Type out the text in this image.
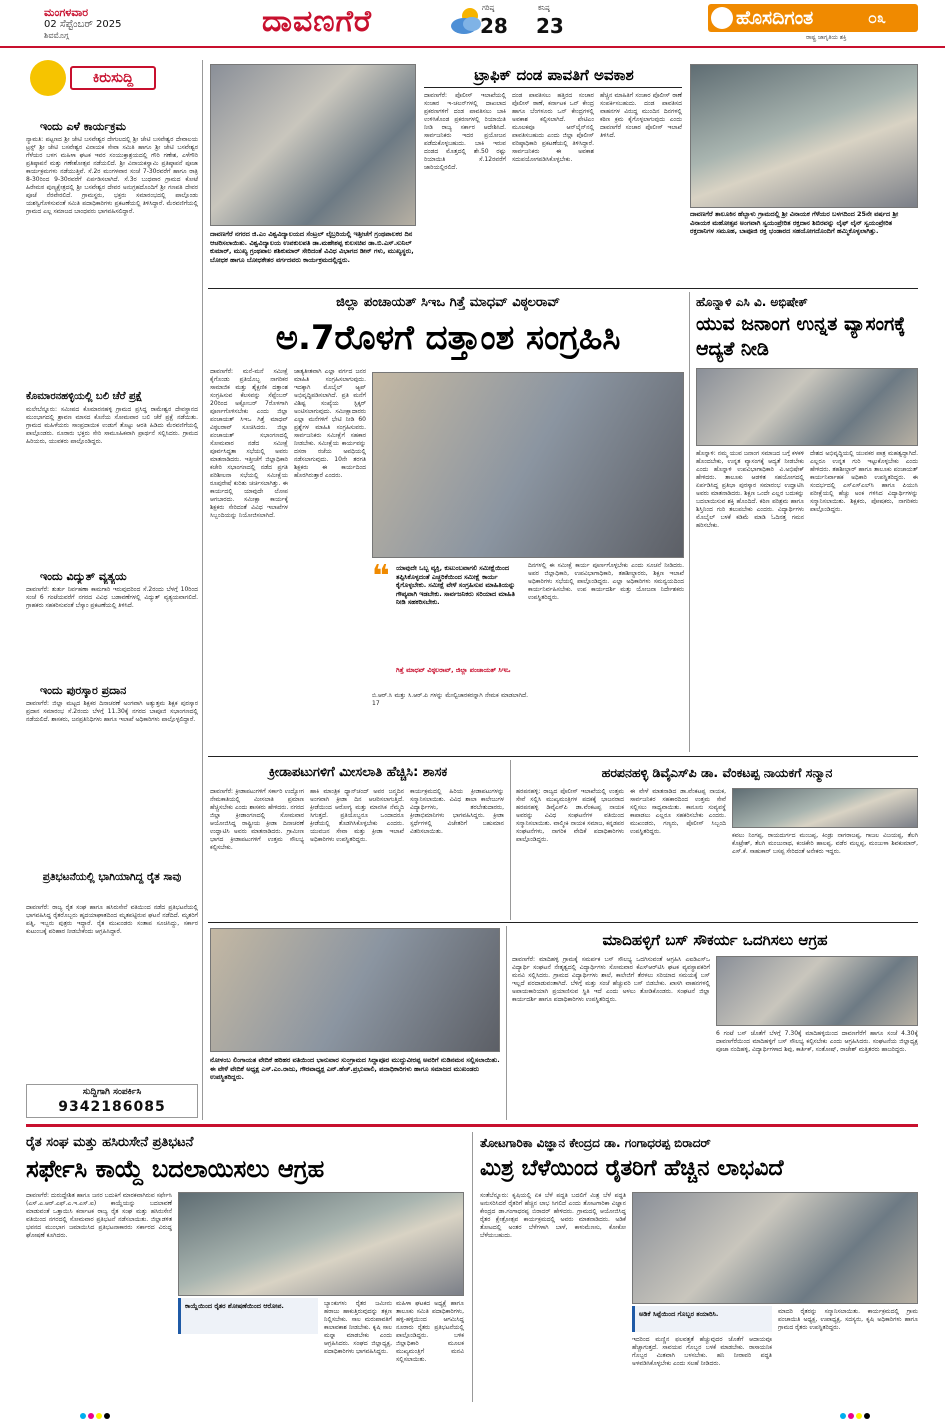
ಮಂಗಳವಾರ
02 ಸೆಪ್ಟೆಂಬರ್ 2025
ಶಿವಮೊಗ್ಗ	ದಾವಣಗೆರೆ	ಗರಿಷ್ಠ
28
ಕನಿಷ್ಠ
23	ಹೊಸದಿಗಂತ
ರಾಷ್ಟ್ರ ಜಾಗೃತಿಯ ಶಕ್ತಿ
೦೩
ಕಿರುಸುದ್ದಿ
ಇಂದು ಎಳೆ ಕಾರ್ಯಕ್ರಮ
ನ್ಯಾಮತಿ: ಪಟ್ಟಣದ ಶ್ರೀ ಜೇಟಿ ಬಸವೇಶ್ವರ ದೇಗುಲದಲ್ಲಿ ಶ್ರೀ ಜೇಟಿ ಬಸವೇಶ್ವರ ದೇವಾಲಯ ಟ್ರಸ್ಟ್ ಶ್ರೀ ಜೇಟಿ ಬಸವೇಶ್ವರ ವಿನಾಯಕ ಸೇವಾ ಸಮಿತಿ ಹಾಗೂ ಶ್ರೀ ಜೇಟಿ ಬಸವೇಶ್ವರ ಗೆಳೆಯರ ಬಳಗ ಮಹಿಳಾ ಘಟಕ ಇವರ ಸಂಯುಕ್ತಾಶ್ರಯದಲ್ಲಿ ಗೌರಿ ಗಣೇಶ, ಎಳೆಗೌರಿ ಪ್ರತಿಷ್ಠಾಪನೆ ಮತ್ತು ಗಣೇಶೋತ್ಸವ ನಡೆಯಲಿದೆ. ಶ್ರೀ ವಿನಾಯಕಸ್ವಾಮಿ ಪ್ರತಿಷ್ಠಾಪನೆ ಪೂಜಾ ಕಾರ್ಯಕ್ರಮಗಳು ನಡೆಯುತ್ತಿವೆ. ಸೆ.2ರ ಮಂಗಳವಾರ ಸಂಜೆ 7-30ರವರೆಗೆ ಹಾಗೂ ರಾತ್ರಿ 8-30ರಿಂದ 9-30ರವರೆಗೆ ಏರ್ಪಡಿಸಲಾಗಿದೆ. ಸೆ.3ರ ಬುಧವಾರ ಗ್ರಾಮದ ಕೋಟೆ ಹಿರೇಮಠ ಪುಣ್ಯಕ್ಷೇತ್ರದಲ್ಲಿ ಶ್ರೀ ಬಸವೇಶ್ವರ ದೇವರ ಅನುಗ್ರಹದೊಂದಿಗೆ ಶ್ರೀ ಗಣಪತಿ ದೇವರ ಪೂಜೆ ನೆರವೇರಲಿದೆ. ಗ್ರಾಮಸ್ಥರು, ಭಕ್ತರು ಸಮಾರಂಭದಲ್ಲಿ ಪಾಲ್ಗೊಂಡು ಯಶಸ್ವಿಗೊಳಿಸುವಂತೆ ಸಮಿತಿ ಪದಾಧಿಕಾರಿಗಳು ಪ್ರಕಟಣೆಯಲ್ಲಿ ತಿಳಿಸಿದ್ದಾರೆ. ಮೆರವಣಿಗೆಯಲ್ಲಿ ಗ್ರಾಮದ ಎಲ್ಲ ಸಮಾಜದ ಬಾಂಧವರು ಭಾಗವಹಿಸಲಿದ್ದಾರೆ.
ಕೊಮಾರನಹಳ್ಳಿಯಲ್ಲಿ ಬಲಿ ಚೆರೆ ಪ್ರಕ್ಷೆ
ಮಲೇಬೆನ್ನೂರು: ಸಮೀಪದ ಕೊಮಾರನಹಳ್ಳಿ ಗ್ರಾಮದ ಪ್ರಸಿದ್ಧ ರಾಮೇಶ್ವರ ದೇವಸ್ಥಾನದ ಮುಂಭಾಗದಲ್ಲಿ ಶ್ರಾವಣ ಮಾಸದ ಕೊನೆಯ ಸೋಮವಾರ ಬಲಿ ಚೆರೆ ಪ್ರಕ್ಷೆ ನಡೆಯಿತು. ಗ್ರಾಮದ ಮಹಿಳೆಯರು ಸಾಂಪ್ರದಾಯಿಕ ಉಡುಗೆ ತೊಟ್ಟು ಆರತಿ ಹಿಡಿದು ಮೆರವಣಿಗೆಯಲ್ಲಿ ಪಾಲ್ಗೊಂಡರು. ನೂರಾರು ಭಕ್ತರು ಸೇರಿ ಸಾಮೂಹಿಕವಾಗಿ ಪ್ರಾರ್ಥನೆ ಸಲ್ಲಿಸಿದರು. ಗ್ರಾಮದ ಹಿರಿಯರು, ಯುವಕರು ಪಾಲ್ಗೊಂಡಿದ್ದರು.
ಇಂದು ವಿದ್ಯುತ್ ವ್ಯತ್ಯಯ
ದಾವಣಗೆರೆ: ತುರ್ತು ನಿರ್ವಹಣಾ ಕಾಮಗಾರಿ ಇರುವುದರಿಂದ ಸೆ.2ರಂದು ಬೆಳಗ್ಗೆ 10ರಿಂದ ಸಂಜೆ 6 ಗಂಟೆಯವರೆಗೆ ನಗರದ ವಿವಿಧ ಬಡಾವಣೆಗಳಲ್ಲಿ ವಿದ್ಯುತ್ ವ್ಯತ್ಯಯವಾಗಲಿದೆ. ಗ್ರಾಹಕರು ಸಹಕರಿಸುವಂತೆ ಬೆಸ್ಕಾಂ ಪ್ರಕಟಣೆಯಲ್ಲಿ ತಿಳಿಸಿದೆ.
ಇಂದು ಪುರಸ್ಕಾರ ಪ್ರದಾನ
ದಾವಣಗೆರೆ: ಜಿಲ್ಲಾ ಮಟ್ಟದ ಶಿಕ್ಷಕರ ದಿನಾಚರಣೆ ಅಂಗವಾಗಿ ಅತ್ಯುತ್ತಮ ಶಿಕ್ಷಕ ಪುರಸ್ಕಾರ ಪ್ರದಾನ ಸಮಾರಂಭ ಸೆ.2ರಂದು ಬೆಳಗ್ಗೆ 11.30ಕ್ಕೆ ನಗರದ ಬಾಪೂಜಿ ಸಭಾಂಗಣದಲ್ಲಿ ನಡೆಯಲಿದೆ. ಶಾಸಕರು, ಜನಪ್ರತಿನಿಧಿಗಳು ಹಾಗೂ ಇಲಾಖೆ ಅಧಿಕಾರಿಗಳು ಪಾಲ್ಗೊಳ್ಳಲಿದ್ದಾರೆ.
ಪ್ರತಿಭಟನೆಯಲ್ಲಿ ಭಾಗಿಯಾಗಿದ್ದ ರೈತ ಸಾವು
ದಾವಣಗೆರೆ: ರಾಜ್ಯ ರೈತ ಸಂಘ ಹಾಗೂ ಹಸಿರುಸೇನೆ ವತಿಯಿಂದ ನಡೆದ ಪ್ರತಿಭಟನೆಯಲ್ಲಿ ಭಾಗವಹಿಸಿದ್ದ ರೈತರೊಬ್ಬರು ಹೃದಯಾಘಾತದಿಂದ ಮೃತಪಟ್ಟಿರುವ ಘಟನೆ ನಡೆದಿದೆ. ಮೃತರಿಗೆ ಪತ್ನಿ, ಇಬ್ಬರು ಪುತ್ರರು ಇದ್ದಾರೆ. ರೈತ ಮುಖಂಡರು ಸಂತಾಪ ಸೂಚಿಸಿದ್ದು, ಸರ್ಕಾರ ಕುಟುಂಬಕ್ಕೆ ಪರಿಹಾರ ನೀಡಬೇಕೆಂದು ಆಗ್ರಹಿಸಿದ್ದಾರೆ.
ಸುದ್ದಿಗಾಗಿ ಸಂಪರ್ಕಿಸಿ
9342186085
ದಾವಣಗೆರೆ ನಗರದ ಜಿ.ಎಂ ವಿಶ್ವವಿದ್ಯಾಲಯದ ಸೆಂಟ್ರಲ್ ಲೈಬ್ರರಿಯಲ್ಲಿ ಇತ್ತೀಚೆಗೆ ಗ್ರಂಥಪಾಲಕರ ದಿನ ಆಚರಿಸಲಾಯಿತು. ವಿಶ್ವವಿದ್ಯಾಲಯ ಉಪಕುಲಪತಿ ಡಾ.ಮಹೇಶಪ್ಪ ಕುಲಸಚಿವ ಡಾ.ಬಿ.ಎಸ್.ಸುನಿಲ್ ಕುಮಾರ್, ಮುಖ್ಯ ಗ್ರಂಥಪಾಲ ಶಶಿಕುಮಾರ್ ಸೇರಿದಂತೆ ವಿವಿಧ ವಿಭಾಗದ ಡೀನ್ ಗಳು, ಮುಖ್ಯಸ್ಥರು, ಬೋಧಕ ಹಾಗೂ ಬೋಧಕೇತರ ವರ್ಗದವರು ಕಾರ್ಯಕ್ರಮದಲ್ಲಿದ್ದರು.
ಟ್ರಾಫಿಕ್ ದಂಡ ಪಾವತಿಗೆ ಅವಕಾಶ
ದಾವಣಗೆರೆ: ಪೊಲೀಸ್ ಇಲಾಖೆಯಲ್ಲಿ ಸಂಚಾರ ಇ-ಚಲನ್‌ಗಳಲ್ಲಿ ದಾಖಲಾದ ಪ್ರಕರಣಗಳಿಗೆ ದಂಡ ಪಾವತಿಸಲು ಬಾಕಿ ಉಳಿಸಿಕೊಂಡ ಪ್ರಕರಣಗಳಲ್ಲಿ ರಿಯಾಯಿತಿ ನೀಡಿ ರಾಜ್ಯ ಸರ್ಕಾರ ಆದೇಶಿಸಿದೆ. ಸಾರ್ವಜನಿಕರು ಇದರ ಪ್ರಯೋಜನ ಪಡೆದುಕೊಳ್ಳಬಹುದು. ಬಾಕಿ ಇರುವ ದಂಡದ ಮೊತ್ತದಲ್ಲಿ ಶೇ.50 ರಷ್ಟು ರಿಯಾಯಿತಿ ಸೆ.12ರವರೆಗೆ ಜಾರಿಯಲ್ಲಿರಲಿದೆ.
ದಂಡ ಪಾವತಿಸಲು ಹತ್ತಿರದ ಸಂಚಾರ ಪೊಲೀಸ್ ಠಾಣೆ, ಕರ್ನಾಟಕ ಒನ್ ಕೇಂದ್ರ ಹಾಗೂ ಬೆಂಗಳೂರು ಒನ್ ಕೇಂದ್ರಗಳಲ್ಲಿ ಅವಕಾಶ ಕಲ್ಪಿಸಲಾಗಿದೆ. ಪೇಟಿಎಂ ಮೂಲಕವೂ ಆನ್‌ಲೈನ್‌ನಲ್ಲಿ ಪಾವತಿಸಬಹುದು ಎಂದು ಜಿಲ್ಲಾ ಪೊಲೀಸ್ ವರಿಷ್ಠಾಧಿಕಾರಿ ಪ್ರಕಟಣೆಯಲ್ಲಿ ತಿಳಿಸಿದ್ದಾರೆ. ಸಾರ್ವಜನಿಕರು ಈ ಅವಕಾಶ ಸದುಪಯೋಗಪಡಿಸಿಕೊಳ್ಳಬೇಕು.
ಹೆಚ್ಚಿನ ಮಾಹಿತಿಗೆ ಸಂಚಾರ ಪೊಲೀಸ್ ಠಾಣೆ ಸಂಪರ್ಕಿಸಬಹುದು. ದಂಡ ಪಾವತಿಸದ ವಾಹನಗಳ ವಿರುದ್ಧ ಮುಂದಿನ ದಿನಗಳಲ್ಲಿ ಕಠಿಣ ಕ್ರಮ ಕೈಗೊಳ್ಳಲಾಗುವುದು ಎಂದು ದಾವಣಗೆರೆ ಸಂಚಾರ ಪೊಲೀಸ್ ಇಲಾಖೆ ತಿಳಿಸಿದೆ.
ದಾವಣಗೆರೆ ತಾಲೂಕಿನ ಹೆಬ್ಬಾಳು ಗ್ರಾಮದಲ್ಲಿ ಶ್ರೀ ವಿನಾಯಕ ಗೆಳೆಯರ ಬಳಗದಿಂದ 25ನೇ ವರ್ಷದ ಶ್ರೀ ವಿನಾಯಕ ಮಹೋತ್ಸವ ಅಂಗವಾಗಿ ಸ್ವಯಂಪ್ರೇರಿತ ರಕ್ತದಾನ ಶಿಬಿರವನ್ನು ಲೈಫ್ ಲೈನ್ ಸ್ವಯಂಪ್ರೇರಿತ ರಕ್ತದಾನಿಗಳ ಸಮೂಹ, ಬಾಪೂಜಿ ರಕ್ತ ಭಂಡಾರದ ಸಹಯೋಗದೊಂದಿಗೆ ಹಮ್ಮಿಕೊಳ್ಳಲಾಗಿತ್ತು.
ಜಿಲ್ಲಾ ಪಂಚಾಯತ್ ಸಿಇಒ ಗಿತ್ತೆ ಮಾಧವ್ ವಿಠ್ಠಲರಾವ್
ಅ.7ರೊಳಗೆ ದತ್ತಾಂಶ ಸಂಗ್ರಹಿಸಿ
ದಾವಣಗೆರೆ: ಮನೆ-ಮನೆ ಸಮೀಕ್ಷೆ ಕೈಗೊಂಡು ಪ್ರತಿಯೊಬ್ಬ ನಾಗರಿಕರ ಸಾಮಾಜಿಕ ಮತ್ತು ಶೈಕ್ಷಣಿಕ ದತ್ತಾಂಶ ಸಂಗ್ರಹಿಸುವ ಕೆಲಸವನ್ನು ಸೆಪ್ಟೆಂಬರ್ 20ರಿಂದ ಅಕ್ಟೋಬರ್ 7ರೊಳಗಾಗಿ ಪೂರ್ಣಗೊಳಿಸಬೇಕು ಎಂದು ಜಿಲ್ಲಾ ಪಂಚಾಯತ್ ಸಿಇಒ ಗಿತ್ತೆ ಮಾಧವ್ ವಿಠ್ಠಲರಾವ್ ಸೂಚಿಸಿದರು. ಜಿಲ್ಲಾ ಪಂಚಾಯತ್ ಸಭಾಂಗಣದಲ್ಲಿ ಸೋಮವಾರ ನಡೆದ ಸಮೀಕ್ಷೆ ಪೂರ್ವಸಿದ್ಧತಾ ಸಭೆಯಲ್ಲಿ ಅವರು ಮಾತನಾಡಿದರು. ಇತ್ತೀಚೆಗೆ ಜಿಲ್ಲಾಧಿಕಾರಿ ಕಚೇರಿ ಸಭಾಂಗಣದಲ್ಲಿ ನಡೆದ ಪ್ರಗತಿ ಪರಿಶೀಲನಾ ಸಭೆಯಲ್ಲಿ ಸಮೀಕ್ಷೆಯ ರೂಪುರೇಷೆ ಕುರಿತು ಚರ್ಚಿಸಲಾಗಿತ್ತು. ಈ ಕಾರ್ಯದಲ್ಲಿ ಯಾವುದೇ ಲೋಪ ಆಗಬಾರದು. ಸಮೀಕ್ಷಾ ಕಾರ್ಯಕ್ಕೆ ಶಿಕ್ಷಕರು ಸೇರಿದಂತೆ ವಿವಿಧ ಇಲಾಖೆಗಳ ಸಿಬ್ಬಂದಿಯನ್ನು ನಿಯೋಜಿಸಲಾಗಿದೆ.
ಜಾತ್ಯತೀತವಾಗಿ ಎಲ್ಲಾ ವರ್ಗದ ಜನರ ಮಾಹಿತಿ ಸಂಗ್ರಹಿಸಲಾಗುವುದು. ಇದಕ್ಕಾಗಿ ಮೊಬೈಲ್ ಆ್ಯಪ್ ಅಭಿವೃದ್ಧಿಪಡಿಸಲಾಗಿದೆ. ಪ್ರತಿ ಮನೆಗೆ ವಿಶಿಷ್ಟ ಸಂಖ್ಯೆಯ ಸ್ಟಿಕ್ಕರ್ ಅಂಟಿಸಲಾಗುವುದು. ಸಮೀಕ್ಷಾದಾರರು ಎಲ್ಲಾ ಮನೆಗಳಿಗೆ ಭೇಟಿ ನೀಡಿ 60 ಪ್ರಶ್ನೆಗಳ ಮಾಹಿತಿ ಸಂಗ್ರಹಿಸುವರು. ಸಾರ್ವಜನಿಕರು ಸಮೀಕ್ಷೆಗೆ ಸಹಕಾರ ನೀಡಬೇಕು. ಸಮೀಕ್ಷೆಯ ಕಾರ್ಯವನ್ನು ದಸರಾ ರಜೆಯ ಅವಧಿಯಲ್ಲಿ ನಡೆಸಲಾಗುವುದು. 10ನೇ ತರಗತಿ ಶಿಕ್ಷಕರು ಈ ಕಾರ್ಯದಿಂದ ಹೊರಗಿರುತ್ತಾರೆ ಎಂದರು.
❝ ಯಾವುದೇ ಒಬ್ಬ ವ್ಯಕ್ತಿ, ಕುಟುಂಬವಾಗಲಿ ಸಮೀಕ್ಷೆಯಿಂದ ತಪ್ಪಿಸಿಕೊಳ್ಳದಂತೆ ಎಚ್ಚರಿಕೆಯಿಂದ ಸಮೀಕ್ಷೆ ಕಾರ್ಯ ಕೈಗೊಳ್ಳಬೇಕು. ಸಮೀಕ್ಷೆ ವೇಳೆ ಸಂಗ್ರಹಿಸುವ ಮಾಹಿತಿಯನ್ನು ಗೌಪ್ಯವಾಗಿ ಇಡಬೇಕು. ಸಾರ್ವಜನಿಕರು ಸರಿಯಾದ ಮಾಹಿತಿ ನೀಡಿ ಸಹಕರಿಸಬೇಕು.
ಗಿತ್ತೆ ಮಾಧವ್ ವಿಠ್ಠಲರಾವ್, ಜಿಲ್ಲಾ ಪಂಚಾಯತ್ ಸಿಇಒ
ದಿನಗಳಲ್ಲಿ ಈ ಸಮೀಕ್ಷೆ ಕಾರ್ಯ ಪೂರ್ಣಗೊಳ್ಳಬೇಕು ಎಂದು ಸೂಚನೆ ನೀಡಿದರು. ಅಪರ ಜಿಲ್ಲಾಧಿಕಾರಿ, ಉಪವಿಭಾಗಾಧಿಕಾರಿ, ತಹಶೀಲ್ದಾರರು, ಶಿಕ್ಷಣ ಇಲಾಖೆ ಅಧಿಕಾರಿಗಳು ಸಭೆಯಲ್ಲಿ ಪಾಲ್ಗೊಂಡಿದ್ದರು. ಎಲ್ಲಾ ಅಧಿಕಾರಿಗಳು ಸಮನ್ವಯದಿಂದ ಕಾರ್ಯನಿರ್ವಹಿಸಬೇಕು. ಉಪ ಕಾರ್ಯದರ್ಶಿ ಮತ್ತು ಯೋಜನಾ ನಿರ್ದೇಶಕರು ಉಪಸ್ಥಿತರಿದ್ದರು.
ಬಿ.ಆರ್.ಸಿ ಮತ್ತು ಸಿ.ಆರ್.ಪಿ ಗಳನ್ನು ಮೇಲ್ವಿಚಾರಕರನ್ನಾಗಿ ನೇಮಕ ಮಾಡಲಾಗಿದೆ. 17
ಹೊನ್ನಾಳಿ ಎಸಿ ವಿ. ಅಭಿಷೇಕ್
ಯುವ ಜನಾಂಗ ಉನ್ನತ ವ್ಯಾಸಂಗಕ್ಕೆ ಆದ್ಯತೆ ನೀಡಿ
ಹೊನ್ನಾಳಿ: ನಮ್ಮ ಯುವ ಜನಾಂಗ ಸಮಾಜದ ಬಗ್ಗೆ ಕಳಕಳಿ ಹೊಂದಬೇಕು, ಉನ್ನತ ವ್ಯಾಸಂಗಕ್ಕೆ ಆದ್ಯತೆ ನೀಡಬೇಕು ಎಂದು ಹೊನ್ನಾಳಿ ಉಪವಿಭಾಗಾಧಿಕಾರಿ ವಿ.ಅಭಿಷೇಕ್ ಹೇಳಿದರು. ತಾಲೂಕು ಆಡಳಿತ ಸಹಯೋಗದಲ್ಲಿ ಏರ್ಪಡಿಸಿದ್ದ ಪ್ರತಿಭಾ ಪುರಸ್ಕಾರ ಸಮಾರಂಭ ಉದ್ಘಾಟಿಸಿ ಅವರು ಮಾತನಾಡಿದರು. ಶಿಕ್ಷಣ ಒಂದೇ ಎಲ್ಲರ ಬದುಕನ್ನು ಬದಲಾಯಿಸುವ ಶಕ್ತಿ ಹೊಂದಿದೆ. ಕಠಿಣ ಪರಿಶ್ರಮ ಹಾಗೂ ಶಿಸ್ತಿನಿಂದ ಗುರಿ ತಲುಪಬೇಕು ಎಂದರು. ವಿದ್ಯಾರ್ಥಿಗಳು ಮೊಬೈಲ್ ಬಳಕೆ ಕಡಿಮೆ ಮಾಡಿ ಓದಿನತ್ತ ಗಮನ ಹರಿಸಬೇಕು.
ದೇಶದ ಅಭಿವೃದ್ಧಿಯಲ್ಲಿ ಯುವಕರ ಪಾತ್ರ ಮಹತ್ವದ್ದಾಗಿದೆ. ಎಲ್ಲರೂ ಉನ್ನತ ಗುರಿ ಇಟ್ಟುಕೊಳ್ಳಬೇಕು ಎಂದು ಹೇಳಿದರು. ತಹಶೀಲ್ದಾರ್ ಹಾಗೂ ತಾಲೂಕು ಪಂಚಾಯತ್ ಕಾರ್ಯನಿರ್ವಾಹಕ ಅಧಿಕಾರಿ ಉಪಸ್ಥಿತರಿದ್ದರು. ಈ ಸಂದರ್ಭದಲ್ಲಿ ಎಸ್ಎಸ್ಎಲ್‌ಸಿ ಹಾಗೂ ಪಿಯುಸಿ ಪರೀಕ್ಷೆಯಲ್ಲಿ ಹೆಚ್ಚು ಅಂಕ ಗಳಿಸಿದ ವಿದ್ಯಾರ್ಥಿಗಳನ್ನು ಸನ್ಮಾನಿಸಲಾಯಿತು. ಶಿಕ್ಷಕರು, ಪೋಷಕರು, ನಾಗರಿಕರು ಪಾಲ್ಗೊಂಡಿದ್ದರು.
ಕ್ರೀಡಾಪಟುಗಳಿಗೆ ಮೀಸಲಾತಿ ಹೆಚ್ಚಿಸಿ: ಶಾಸಕ
ದಾವಣಗೆರೆ: ಕ್ರೀಡಾಪಟುಗಳಿಗೆ ಸರ್ಕಾರಿ ಉದ್ಯೋಗ ನೇಮಕಾತಿಯಲ್ಲಿ ಮೀಸಲಾತಿ ಪ್ರಮಾಣ ಹೆಚ್ಚಿಸಬೇಕು ಎಂದು ಶಾಸಕರು ಹೇಳಿದರು. ನಗರದ ಜಿಲ್ಲಾ ಕ್ರೀಡಾಂಗಣದಲ್ಲಿ ಸೋಮವಾರ ಆಯೋಜಿಸಿದ್ದ ರಾಷ್ಟ್ರೀಯ ಕ್ರೀಡಾ ದಿನಾಚರಣೆ ಉದ್ಘಾಟಿಸಿ ಅವರು ಮಾತನಾಡಿದರು. ಗ್ರಾಮೀಣ ಭಾಗದ ಕ್ರೀಡಾಪಟುಗಳಿಗೆ ಉತ್ತಮ ಸೌಲಭ್ಯ ಕಲ್ಪಿಸಬೇಕು.
ಹಾಕಿ ಮಾಂತ್ರಿಕ ಧ್ಯಾನ್‌ಚಂದ್ ಅವರ ಜನ್ಮದಿನ ಅಂಗವಾಗಿ ಕ್ರೀಡಾ ದಿನ ಆಚರಿಸಲಾಗುತ್ತಿದೆ. ಕ್ರೀಡೆಯಿಂದ ಆರೋಗ್ಯ ಮತ್ತು ಮಾನಸಿಕ ನೆಮ್ಮದಿ ಸಿಗುತ್ತದೆ. ಪ್ರತಿಯೊಬ್ಬರೂ ಒಂದಾದರೂ ಕ್ರೀಡೆಯಲ್ಲಿ ತೊಡಗಿಸಿಕೊಳ್ಳಬೇಕು ಎಂದರು. ಯುವಜನ ಸೇವಾ ಮತ್ತು ಕ್ರೀಡಾ ಇಲಾಖೆ ಅಧಿಕಾರಿಗಳು ಉಪಸ್ಥಿತರಿದ್ದರು.
ಕಾರ್ಯಕ್ರಮದಲ್ಲಿ ಹಿರಿಯ ಕ್ರೀಡಾಪಟುಗಳನ್ನು ಸನ್ಮಾನಿಸಲಾಯಿತು. ವಿವಿಧ ಶಾಲಾ ಕಾಲೇಜುಗಳ ವಿದ್ಯಾರ್ಥಿಗಳು, ತರಬೇತುದಾರರು, ಕ್ರೀಡಾಭಿಮಾನಿಗಳು ಭಾಗವಹಿಸಿದ್ದರು. ಕ್ರೀಡಾ ಸ್ಪರ್ಧೆಗಳಲ್ಲಿ ವಿಜೇತರಿಗೆ ಬಹುಮಾನ ವಿತರಿಸಲಾಯಿತು.
ಹರಪನಹಳ್ಳಿ ಡಿವೈಎಸ್‌ಪಿ ಡಾ. ವೆಂಕಟಪ್ಪ ನಾಯಕಗೆ ಸನ್ಮಾನ
ಹರಪನಹಳ್ಳಿ: ರಾಜ್ಯದ ಪೊಲೀಸ್ ಇಲಾಖೆಯಲ್ಲಿ ಉತ್ತಮ ಸೇವೆ ಸಲ್ಲಿಸಿ ಮುಖ್ಯಮಂತ್ರಿಗಳ ಪದಕಕ್ಕೆ ಭಾಜನರಾದ ಹರಪನಹಳ್ಳಿ ಡಿವೈಎಸ್‌ಪಿ ಡಾ.ವೆಂಕಟಪ್ಪ ನಾಯಕ ಅವರನ್ನು ವಿವಿಧ ಸಂಘಟನೆಗಳ ವತಿಯಿಂದ ಸನ್ಮಾನಿಸಲಾಯಿತು. ವಾಲ್ಮೀಕಿ ನಾಯಕ ಸಮಾಜ, ಕನ್ನಡಪರ ಸಂಘಟನೆಗಳು, ನಾಗರಿಕ ವೇದಿಕೆ ಪದಾಧಿಕಾರಿಗಳು ಪಾಲ್ಗೊಂಡಿದ್ದರು.
ಈ ವೇಳೆ ಮಾತನಾಡಿದ ಡಾ.ವೆಂಕಟಪ್ಪ ನಾಯಕ, ಸಾರ್ವಜನಿಕರ ಸಹಕಾರದಿಂದ ಉತ್ತಮ ಸೇವೆ ಸಲ್ಲಿಸಲು ಸಾಧ್ಯವಾಯಿತು. ಕಾನೂನು ಸುವ್ಯವಸ್ಥೆ ಕಾಪಾಡಲು ಎಲ್ಲರೂ ಸಹಕರಿಸಬೇಕು ಎಂದರು. ಮುಖಂಡರು, ಗಣ್ಯರು, ಪೊಲೀಸ್ ಸಿಬ್ಬಂದಿ ಉಪಸ್ಥಿತರಿದ್ದರು.
ಕವಲು ನಿಂಗಪ್ಪ, ರಾಯದುರ್ಗದ ಮಂಜಪ್ಪ, ಕಿಂಡ್ರು ನಾಗರಾಜಪ್ಪ, ಗಾಜಲ ವಿಜಯಪ್ಪ, ತೆಲಗಿ ಕೊಟ್ರೇಶ್, ತೆಲಗಿ ಮಂಜುನಾಥ, ಕಂಚಿಕೇರಿ ಹಾಲಪ್ಪ, ವಡೆರ ಮಲ್ಲಪ್ಪ, ಮಂಜುಳಾ ಶಿವಕುಮಾರ್, ಎಸ್.ಕೆ. ಸಾಹುಕಾರ್ ಬಸಪ್ಪ ಸೇರಿದಂತೆ ಅನೇಕರು ಇದ್ದರು.
ನೋಳಂಬ ಲಿಂಗಾಯತ ವೇದಿಕೆ ಹರಿಹರ ವತಿಯಿಂದ ಭಾನುವಾರ ಸುಂಗ್ರಾಮದ ಸಿದ್ದಾಪೂರ ಮುದ್ದುವೀರಪ್ಪ ಅವರಿಗೆ ನುಡಿನಮನ ಸಲ್ಲಿಸಲಾಯಿತು. ಈ ವೇಳೆ ವೇದಿಕೆ ಅಧ್ಯಕ್ಷ ಎಸ್.ಎಂ.ರಾಜು, ಗೌರವಾಧ್ಯಕ್ಷ ಎನ್.ಹೆಚ್.ಪ್ರಭುವಾಲಿ, ಪದಾಧಿಕಾರಿಗಳು ಹಾಗೂ ಸಮಾಜದ ಮುಖಂಡರು ಉಪಸ್ಥಿತರಿದ್ದರು.
ಮಾದಿಹಳ್ಳಿಗೆ ಬಸ್ ಸೌಕರ್ಯ ಒದಗಿಸಲು ಆಗ್ರಹ
ದಾವಣಗೆರೆ: ಮಾದಿಹಳ್ಳಿ ಗ್ರಾಮಕ್ಕೆ ಸಮರ್ಪಕ ಬಸ್ ಸೌಲಭ್ಯ ಒದಗಿಸುವಂತೆ ಆಗ್ರಹಿಸಿ ಎಐಡಿಎಸ್ಒ ವಿದ್ಯಾರ್ಥಿ ಸಂಘಟನೆ ನೇತೃತ್ವದಲ್ಲಿ ವಿದ್ಯಾರ್ಥಿಗಳು ಸೋಮವಾರ ಕೆಎಸ್ಆರ್‌ಟಿಸಿ ಘಟಕ ವ್ಯವಸ್ಥಾಪಕರಿಗೆ ಮನವಿ ಸಲ್ಲಿಸಿದರು. ಗ್ರಾಮದ ವಿದ್ಯಾರ್ಥಿಗಳು ಶಾಲೆ, ಕಾಲೇಜಿಗೆ ತೆರಳಲು ಸರಿಯಾದ ಸಮಯಕ್ಕೆ ಬಸ್ ಇಲ್ಲದೆ ಪರದಾಡುವಂತಾಗಿದೆ. ಬೆಳಿಗ್ಗೆ ಮತ್ತು ಸಂಜೆ ಹೆಚ್ಚುವರಿ ಬಸ್ ಬಿಡಬೇಕು. ಖಾಸಗಿ ವಾಹನಗಳಲ್ಲಿ ಅಪಾಯಕಾರಿಯಾಗಿ ಪ್ರಯಾಣಿಸುವ ಸ್ಥಿತಿ ಇದೆ ಎಂದು ಅಳಲು ತೋಡಿಕೊಂಡರು. ಸಂಘಟನೆ ಜಿಲ್ಲಾ ಕಾರ್ಯದರ್ಶಿ ಹಾಗೂ ಪದಾಧಿಕಾರಿಗಳು ಉಪಸ್ಥಿತರಿದ್ದರು.
6 ಗಂಟೆ ಬಸ್ ಜೊತೆಗೆ ಬೆಳಗ್ಗೆ 7.30ಕ್ಕೆ ಮಾದಿಹಳ್ಳಿಯಿಂದ ದಾವಣಗೆರೆಗೆ ಹಾಗೂ ಸಂಜೆ 4.30ಕ್ಕೆ ದಾವಣಗೆರೆಯಿಂದ ಮಾದಿಹಳ್ಳಿಗೆ ಬಸ್ ಸೌಲಭ್ಯ ಕಲ್ಪಿಸಬೇಕು ಎಂದು ಆಗ್ರಹಿಸಿದರು. ಸಂಘಟನೆಯ ಜಿಲ್ಲಾಧ್ಯಕ್ಷ ಪೂಜಾ ನಂದಿಹಳ್ಳಿ, ವಿದ್ಯಾರ್ಥಿಗಳಾದ ಶಿವು, ಕಾರ್ತಿಕ್, ಸಂತೋಷ್, ರಾಜೇಶ್ ಮತ್ತಿತರರು ಹಾಜರಿದ್ದರು.
ರೈತ ಸಂಘ ಮತ್ತು ಹಸಿರುಸೇನೆ ಪ್ರತಿಭಟನೆ
ಸರ್ಫೇಸಿ ಕಾಯ್ದೆ ಬದಲಾಯಿಸಲು ಆಗ್ರಹ
ದಾವಣಗೆರೆ: ದುರುದ್ದೇಶಿತ ಹಾಗೂ ಜನರ ಬದುಕಿಗೆ ಮಾರಕವಾಗಿರುವ ಸರ್ಫೇಸಿ (ಎಸ್.ಎ.ಆರ್.ಎಫ್.ಎ.ಇ.ಎಸ್.ಐ) ಕಾಯ್ದೆಯನ್ನು ಬದಲಾವಣೆ ಮಾಡುವಂತೆ ಒತ್ತಾಯಿಸಿ ಕರ್ನಾಟಕ ರಾಜ್ಯ ರೈತ ಸಂಘ ಮತ್ತು ಹಸಿರುಸೇನೆ ವತಿಯಿಂದ ನಗರದಲ್ಲಿ ಸೋಮವಾರ ಪ್ರತಿಭಟನೆ ನಡೆಸಲಾಯಿತು. ಜಿಲ್ಲಾಡಳಿತ ಭವನದ ಮುಂಭಾಗ ಜಮಾಯಿಸಿದ ಪ್ರತಿಭಟನಾಕಾರರು ಸರ್ಕಾರದ ವಿರುದ್ಧ ಘೋಷಣೆ ಕೂಗಿದರು.
ಕಾಯ್ದೆಯಿಂದ ರೈತರ ಶೋಷಣೆಯಿಂದ ಆರೋಪ.	ಬ್ಯಾಂಕುಗಳು ರೈತರ ಜಮೀನು ಹರಾಜು ಹಾಕುತ್ತಿರುವುದನ್ನು ತಕ್ಷಣ ನಿಲ್ಲಿಸಬೇಕು. ಸಾಲ ಮರುಪಾವತಿಗೆ ಕಾಲಾವಕಾಶ ನೀಡಬೇಕು. ಕೃಷಿ ಸಾಲ ಮನ್ನಾ ಮಾಡಬೇಕು ಎಂದು ಆಗ್ರಹಿಸಿದರು. ಸಂಘದ ಜಿಲ್ಲಾಧ್ಯಕ್ಷ, ಪದಾಧಿಕಾರಿಗಳು ಭಾಗವಹಿಸಿದ್ದರು.
ಮಹಿಳಾ ಘಟಕದ ಅಧ್ಯಕ್ಷೆ ಹಾಗೂ ತಾಲೂಕು ಸಮಿತಿ ಪದಾಧಿಕಾರಿಗಳು, ಹಳ್ಳಿ-ಹಳ್ಳಿಯಿಂದ ಆಗಮಿಸಿದ್ದ ನೂರಾರು ರೈತರು ಪ್ರತಿಭಟನೆಯಲ್ಲಿ ಪಾಲ್ಗೊಂಡಿದ್ದರು. ಬಳಿಕ ಜಿಲ್ಲಾಧಿಕಾರಿ ಮೂಲಕ ಮುಖ್ಯಮಂತ್ರಿಗೆ ಮನವಿ ಸಲ್ಲಿಸಲಾಯಿತು.
ತೋಟಗಾರಿಕಾ ವಿಜ್ಞಾನ ಕೇಂದ್ರದ ಡಾ. ಗಂಗಾಧರಪ್ಪ ಬಿರಾದರ್
ಮಿಶ್ರ ಬೆಳೆಯಿಂದ ರೈತರಿಗೆ ಹೆಚ್ಚಿನ ಲಾಭವಿದೆ
ಸಂತೆಬೆನ್ನೂರು: ಕೃಷಿಯಲ್ಲಿ ಏಕ ಬೆಳೆ ಪದ್ಧತಿ ಬದಲಿಗೆ ಮಿಶ್ರ ಬೆಳೆ ಪದ್ಧತಿ ಅನುಸರಿಸಿದರೆ ರೈತರಿಗೆ ಹೆಚ್ಚಿನ ಲಾಭ ಸಿಗಲಿದೆ ಎಂದು ತೋಟಗಾರಿಕಾ ವಿಜ್ಞಾನ ಕೇಂದ್ರದ ಡಾ.ಗಂಗಾಧರಪ್ಪ ಬಿರಾದರ್ ಹೇಳಿದರು. ಗ್ರಾಮದಲ್ಲಿ ಆಯೋಜಿಸಿದ್ದ ರೈತರ ಕ್ಷೇತ್ರೋತ್ಸವ ಕಾರ್ಯಕ್ರಮದಲ್ಲಿ ಅವರು ಮಾತನಾಡಿದರು. ಅಡಿಕೆ ತೋಟದಲ್ಲಿ ಅಂತರ ಬೆಳೆಗಳಾಗಿ ಬಾಳೆ, ಕಾಳುಮೆಣಸು, ಕೋಕೋ ಬೆಳೆಯಬಹುದು.
ಅಡಿಕೆ ಸಿಪ್ಪೆಯಿಂದ ಗೊಬ್ಬರ ತಯಾರಿಸಿ.
ಇದರಿಂದ ಮಣ್ಣಿನ ಫಲವತ್ತತೆ ಹೆಚ್ಚುವುದರ ಜೊತೆಗೆ ಆದಾಯವೂ ಹೆಚ್ಚಾಗುತ್ತದೆ. ಸಾವಯವ ಗೊಬ್ಬರ ಬಳಕೆ ಮಾಡಬೇಕು. ರಾಸಾಯನಿಕ ಗೊಬ್ಬರ ಮಿತವಾಗಿ ಬಳಸಬೇಕು. ಹನಿ ನೀರಾವರಿ ಪದ್ಧತಿ ಅಳವಡಿಸಿಕೊಳ್ಳಬೇಕು ಎಂದು ಸಲಹೆ ನೀಡಿದರು.
ಮಾದರಿ ರೈತರನ್ನು ಸನ್ಮಾನಿಸಲಾಯಿತು. ಕಾರ್ಯಕ್ರಮದಲ್ಲಿ ಗ್ರಾಮ ಪಂಚಾಯಿತಿ ಅಧ್ಯಕ್ಷ, ಉಪಾಧ್ಯಕ್ಷ, ಸದಸ್ಯರು, ಕೃಷಿ ಅಧಿಕಾರಿಗಳು ಹಾಗೂ ಗ್ರಾಮದ ರೈತರು ಉಪಸ್ಥಿತರಿದ್ದರು.
